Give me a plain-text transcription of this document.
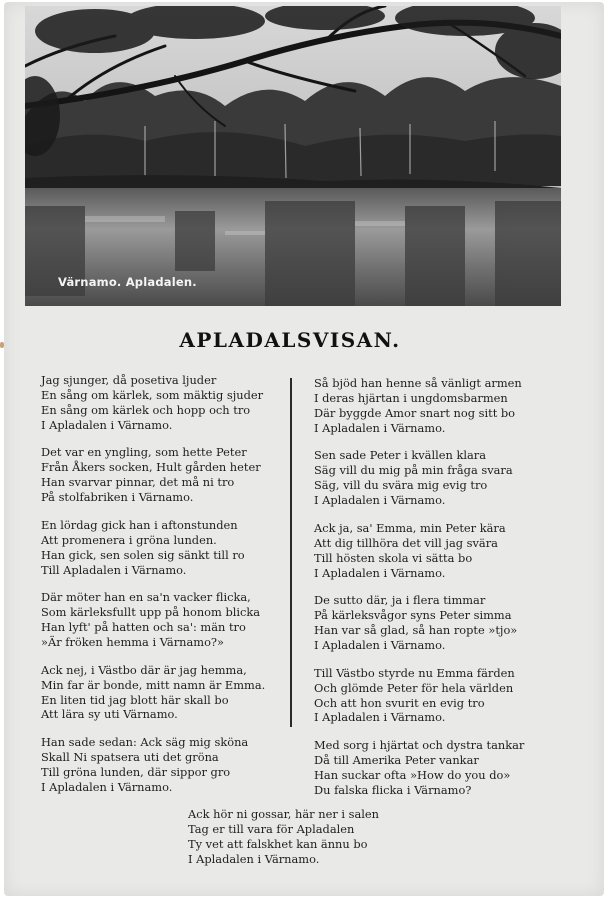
Värnamo. Apladalen.
APLADALSVISAN.
Jag sjunger, då posetiva ljuder
En sång om kärlek, som mäktig sjuder
En sång om kärlek och hopp och tro
I Apladalen i Värnamo.
Det var en yngling, som hette Peter
Från Åkers socken, Hult gården heter
Han svarvar pinnar, det må ni tro
På stolfabriken i Värnamo.
En lördag gick han i aftonstunden
Att promenera i gröna lunden.
Han gick, sen solen sig sänkt till ro
Till Apladalen i Värnamo.
Där möter han en sa'n vacker flicka,
Som kärleksfullt upp på honom blicka
Han lyft' på hatten och sa': män tro
»Är fröken hemma i Värnamo?»
Ack nej, i Västbo där är jag hemma,
Min far är bonde, mitt namn är Emma.
En liten tid jag blott här skall bo
Att lära sy uti Värnamo.
Han sade sedan: Ack säg mig sköna
Skall Ni spatsera uti det gröna
Till gröna lunden, där sippor gro
I Apladalen i Värnamo.
Så bjöd han henne så vänligt armen
I deras hjärtan i ungdomsbarmen
Där byggde Amor snart nog sitt bo
I Apladalen i Värnamo.
Sen sade Peter i kvällen klara
Säg vill du mig på min fråga svara
Säg, vill du svära mig evig tro
I Apladalen i Värnamo.
Ack ja, sa' Emma, min Peter kära
Att dig tillhöra det vill jag svära
Till hösten skola vi sätta bo
I Apladalen i Värnamo.
De sutto där, ja i flera timmar
På kärleksvågor syns Peter simma
Han var så glad, så han ropte »tjo»
I Apladalen i Värnamo.
Till Västbo styrde nu Emma färden
Och glömde Peter för hela världen
Och att hon svurit en evig tro
I Apladalen i Värnamo.
Med sorg i hjärtat och dystra tankar
Då till Amerika Peter vankar
Han suckar ofta »How do you do»
Du falska flicka i Värnamo?
Ack hör ni gossar, här ner i salen
Tag er till vara för Apladalen
Ty vet att falskhet kan ännu bo
I Apladalen i Värnamo.
